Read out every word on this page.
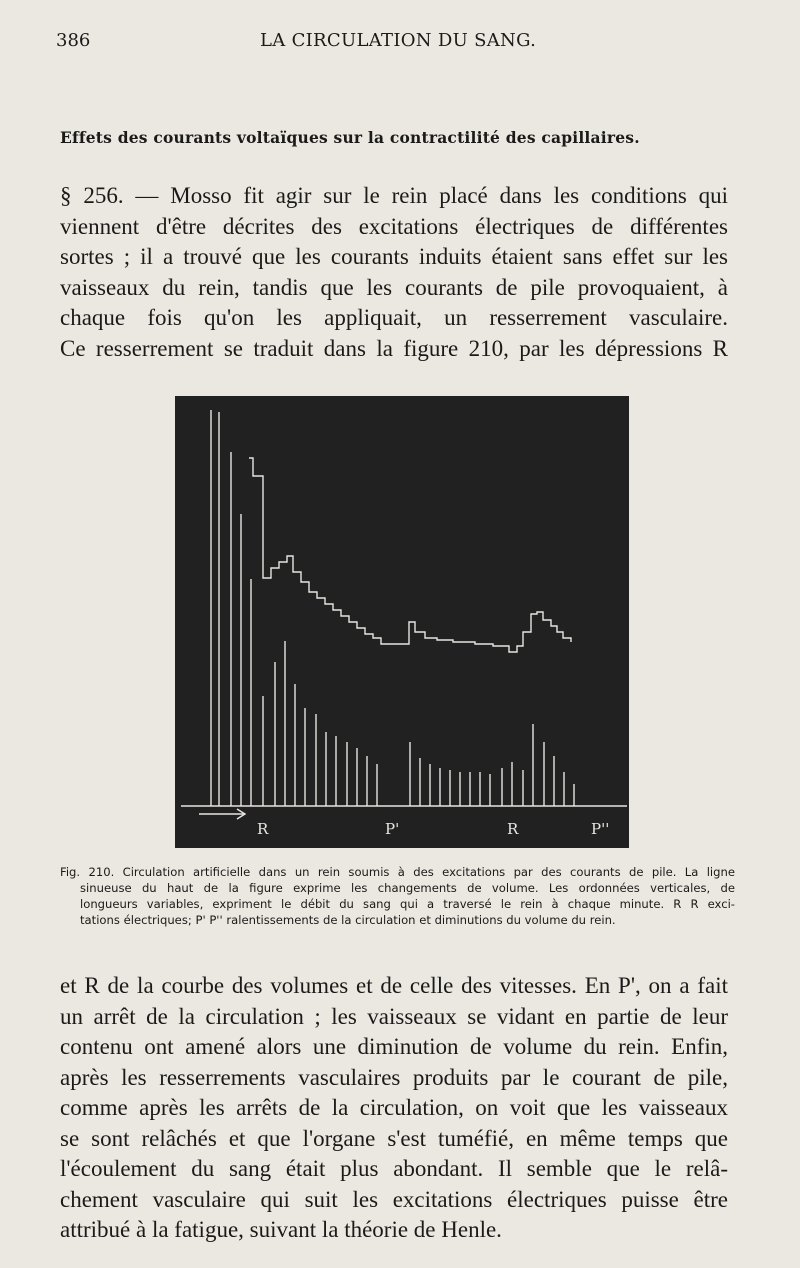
386	LA CIRCULATION DU SANG.
Effets des courants voltaïques sur la contractilité des capillaires.
§ 256. — Mosso fit agir sur le rein placé dans les conditions qui
viennent d'être décrites des excitations électriques de différentes
sortes ; il a trouvé que les courants induits étaient sans effet sur les
vaisseaux du rein, tandis que les courants de pile provoquaient, à
chaque fois qu'on les appliquait, un resserrement vasculaire.
Ce resserrement se traduit dans la figure 210, par les dépressions R
R	P'	R	P''
Fig. 210. Circulation artificielle dans un rein soumis à des excitations par des courants de pile. La ligne
sinueuse du haut de la figure exprime les changements de volume. Les ordonnées verticales, de
longueurs variables, expriment le débit du sang qui a traversé le rein à chaque minute. R R exci-
tations électriques; P' P'' ralentissements de la circulation et diminutions du volume du rein.
et R de la courbe des volumes et de celle des vitesses. En P', on a fait
un arrêt de la circulation ; les vaisseaux se vidant en partie de leur
contenu ont amené alors une diminution de volume du rein. Enfin,
après les resserrements vasculaires produits par le courant de pile,
comme après les arrêts de la circulation, on voit que les vaisseaux
se sont relâchés et que l'organe s'est tuméfié, en même temps que
l'écoulement du sang était plus abondant. Il semble que le relâ-
chement vasculaire qui suit les excitations électriques puisse être
attribué à la fatigue, suivant la théorie de Henle.
